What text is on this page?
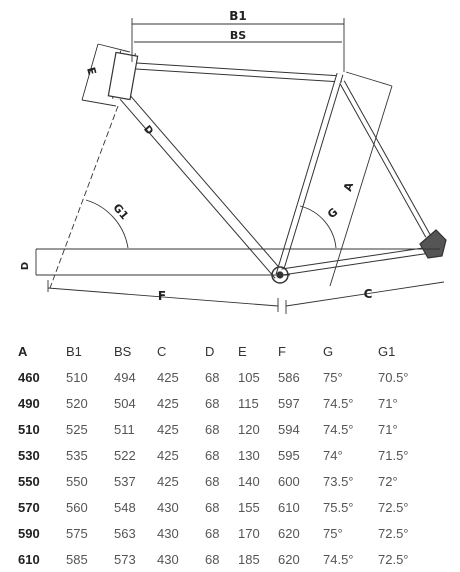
B1
BS
E
D
G1	G
A
D
F	C
A	B1	BS	C	D	E	F	G	G1
460	510	494	425	68	105	586	75°	70.5°
490	520	504	425	68	115	597	74.5°	71°
510	525	511	425	68	120	594	74.5°	71°
530	535	522	425	68	130	595	74°	71.5°
550	550	537	425	68	140	600	73.5°	72°
570	560	548	430	68	155	610	75.5°	72.5°
590	575	563	430	68	170	620	75°	72.5°
610	585	573	430	68	185	620	74.5°	72.5°
